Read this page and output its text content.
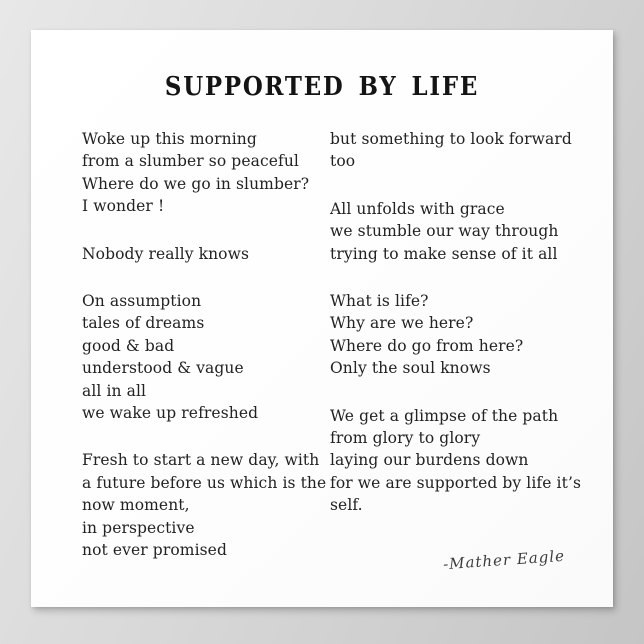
SUPPORTED BY LIFE
Woke up this morning
from a slumber so peaceful
Where do we go in slumber?
I wonder !
Nobody really knows
On assumption
tales of dreams
good & bad
understood & vague
all in all
we wake up refreshed
Fresh to start a new day, with
a future before us which is the
now moment,
in perspective
not ever promised
but something to look forward
too
All unfolds with grace
we stumble our way through
trying to make sense of it all
What is life?
Why are we here?
Where do go from here?
Only the soul knows
We get a glimpse of the path
from glory to glory
laying our burdens down
for we are supported by life it’s
self.
-Mather Eagle
